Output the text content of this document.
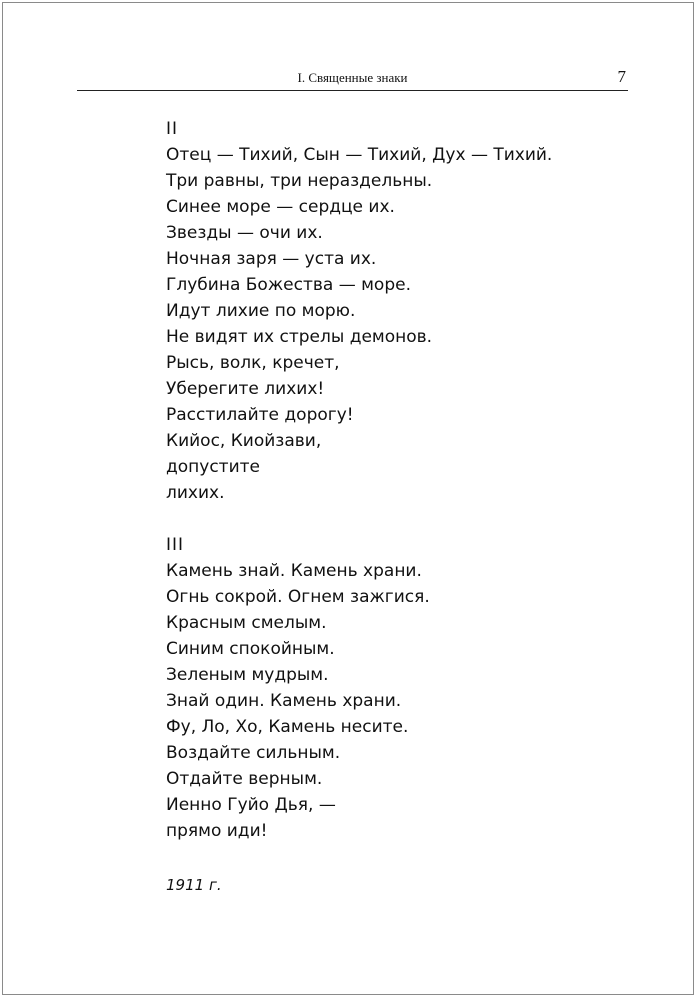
I. Священные знаки	7
II
Отец — Тихий, Сын — Тихий, Дух — Тихий.
Три равны, три нераздельны.
Синее море — сердце их.
Звезды — очи их.
Ночная заря — уста их.
Глубина Божества — море.
Идут лихие по морю.
Не видят их стрелы демонов.
Рысь, волк, кречет,
Уберегите лихих!
Расстилайте дорогу!
Кийос, Киойзави,
допустите
лихих.
III
Камень знай. Камень храни.
Огнь сокрой. Огнем зажгися.
Красным смелым.
Синим спокойным.
Зеленым мудрым.
Знай один. Камень храни.
Фу, Ло, Хо, Камень несите.
Воздайте сильным.
Отдайте верным.
Иенно Гуйо Дья, —
прямо иди!
1911 г.
